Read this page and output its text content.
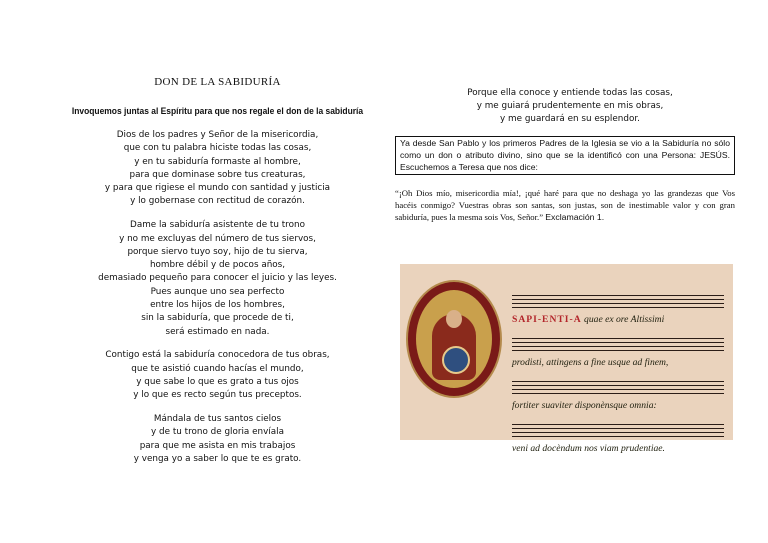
DON DE LA SABIDURÍA
Invoquemos juntas al Espíritu para que nos regale el don de la sabiduría
Dios de los padres y Señor de la misericordia,
que con tu palabra hiciste todas las cosas,
y en tu sabiduría formaste al hombre,
para que dominase sobre tus creaturas,
y para que rigiese el mundo con santidad y justicia
y lo gobernase con rectitud de corazón.
Dame la sabiduría asistente de tu trono
y no me excluyas del número de tus siervos,
porque siervo tuyo soy, hijo de tu sierva,
hombre débil y de pocos años,
demasiado pequeño para conocer el juicio y las leyes.
Pues aunque uno sea perfecto
entre los hijos de los hombres,
sin la sabiduría, que procede de ti,
será estimado en nada.
Contigo está la sabiduría conocedora de tus obras,
que te asistió cuando hacías el mundo,
y que sabe lo que es grato a tus ojos
y lo que es recto según tus preceptos.
Mándala de tus santos cielos
y de tu trono de gloria envíala
para que me asista en mis trabajos
y venga yo a saber lo que te es grato.
Porque ella conoce y entiende todas las cosas,
y me guiará prudentemente en mis obras,
y me guardará en su esplendor.
Ya desde San Pablo y los primeros Padres de la Iglesia se vio a la Sabiduría no sólo como un don o atributo divino, sino que se la identificó con una Persona: JESÚS. Escuchemos a Teresa que nos dice:
“¡Oh Dios mío, misericordia mía!, ¡qué haré para que no deshaga yo las grandezas que Vos hacéis conmigo? Vuestras obras son santas, son justas, son de inestimable valor y con gran sabiduría, pues la mesma sois Vos, Señor.” Exclamación 1.
SAPI-ENTI-A quae ex ore Altissimi
prodisti, attingens a fine usque ad finem,
fortiter suaviter disponènsque omnia:
veni ad docèndum nos viam prudentiae.
